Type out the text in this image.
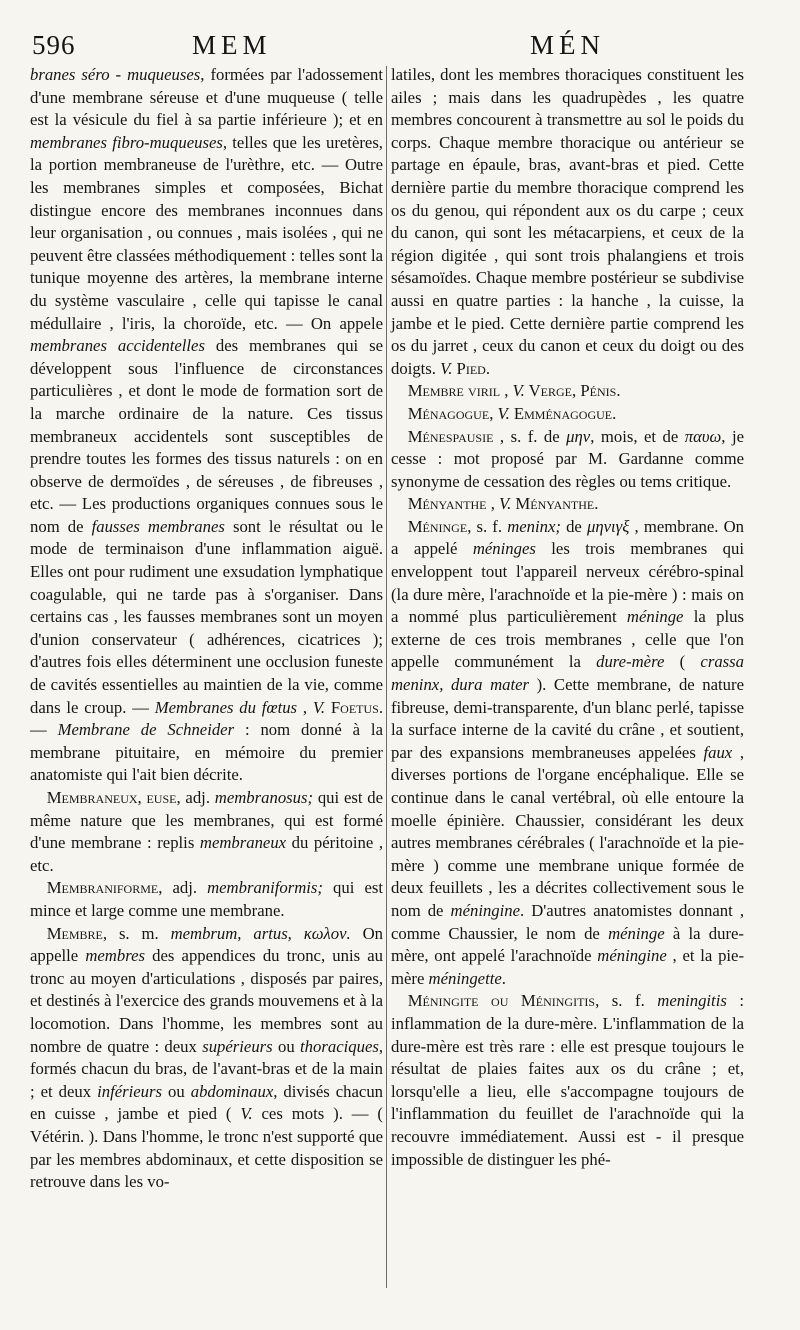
596	MEM	MÉN

branes séro - muqueuses, formées par l'adossement d'une membrane séreuse et d'une muqueuse ( telle est la vésicule du fiel à sa partie inférieure ); et en membranes fibro-muqueuses, telles que les uretères, la portion membraneuse de l'urèthre, etc. — Outre les membranes simples et composées, Bichat distingue encore des membranes inconnues dans leur organisation , ou connues , mais isolées , qui ne peuvent être classées méthodiquement : telles sont la tunique moyenne des artères, la membrane interne du système vasculaire , celle qui tapisse le canal médullaire , l'iris, la choroïde, etc. — On appele membranes accidentelles des membranes qui se développent sous l'influence de circonstances particulières , et dont le mode de formation sort de la marche ordinaire de la nature. Ces tissus membraneux accidentels sont susceptibles de prendre toutes les formes des tissus naturels : on en observe de dermoïdes , de séreuses , de fibreuses , etc. — Les productions organiques connues sous le nom de fausses membranes sont le résultat ou le mode de terminaison d'une inflammation aiguë. Elles ont pour rudiment une exsudation lymphatique coagulable, qui ne tarde pas à s'organiser. Dans certains cas , les fausses membranes sont un moyen d'union conservateur ( adhérences, cicatrices ); d'autres fois elles déterminent une occlusion funeste de cavités essentielles au maintien de la vie, comme dans le croup. — Membranes du fœtus , V. Foetus. — Membrane de Schneider : nom donné à la membrane pituitaire, en mémoire du premier anatomiste qui l'ait bien décrite.

Membraneux, euse, adj. membranosus; qui est de même nature que les membranes, qui est formé d'une membrane : replis membraneux du péritoine , etc.

Membraniforme, adj. membraniformis; qui est mince et large comme une membrane.

Membre, s. m. membrum, artus, κωλον. On appelle membres des appendices du tronc, unis au tronc au moyen d'articulations , disposés par paires, et destinés à l'exercice des grands mouvemens et à la locomotion. Dans l'homme, les membres sont au nombre de quatre : deux supérieurs ou thoraciques, formés chacun du bras, de l'avant-bras et de la main ; et deux inférieurs ou abdominaux, divisés chacun en cuisse , jambe et pied ( V. ces mots ). — ( Vétérin. ). Dans l'homme, le tronc n'est supporté que par les membres abdominaux, et cette disposition se retrouve dans les vo-

latiles, dont les membres thoraciques constituent les ailes ; mais dans les quadrupèdes , les quatre membres concourent à transmettre au sol le poids du corps. Chaque membre thoracique ou antérieur se partage en épaule, bras, avant-bras et pied. Cette dernière partie du membre thoracique comprend les os du genou, qui répondent aux os du carpe ; ceux du canon, qui sont les métacarpiens, et ceux de la région digitée , qui sont trois phalangiens et trois sésamoïdes. Chaque membre postérieur se subdivise aussi en quatre parties : la hanche , la cuisse, la jambe et le pied. Cette dernière partie comprend les os du jarret , ceux du canon et ceux du doigt ou des doigts. V. Pied.

Membre viril , V. Verge, Pénis.

Ménagogue, V. Emménagogue.

Ménespausie , s. f. de μην, mois, et de παυω, je cesse : mot proposé par M. Gardanne comme synonyme de cessation des règles ou tems critique.

Ményanthe , V. Ményanthe.

Méninge, s. f. meninx; de μηνιγξ , membrane. On a appelé méninges les trois membranes qui enveloppent tout l'appareil nerveux cérébro-spinal (la dure mère, l'arachnoïde et la pie-mère ) : mais on a nommé plus particulièrement méninge la plus externe de ces trois membranes , celle que l'on appelle communément la dure-mère ( crassa meninx, dura mater ). Cette membrane, de nature fibreuse, demi-transparente, d'un blanc perlé, tapisse la surface interne de la cavité du crâne , et soutient, par des expansions membraneuses appelées faux , diverses portions de l'organe encéphalique. Elle se continue dans le canal vertébral, où elle entoure la moelle épinière. Chaussier, considérant les deux autres membranes cérébrales ( l'arachnoïde et la pie-mère ) comme une membrane unique formée de deux feuillets , les a décrites collectivement sous le nom de méningine. D'autres anatomistes donnant , comme Chaussier, le nom de méninge à la dure-mère, ont appelé l'arachnoïde méningine , et la pie-mère méningette.

Méningite ou Méningitis, s. f. meningitis : inflammation de la dure-mère. L'inflammation de la dure-mère est très rare : elle est presque toujours le résultat de plaies faites aux os du crâne ; et, lorsqu'elle a lieu, elle s'accompagne toujours de l'inflammation du feuillet de l'arachnoïde qui la recouvre immédiatement. Aussi est - il presque impossible de distinguer les phé-
